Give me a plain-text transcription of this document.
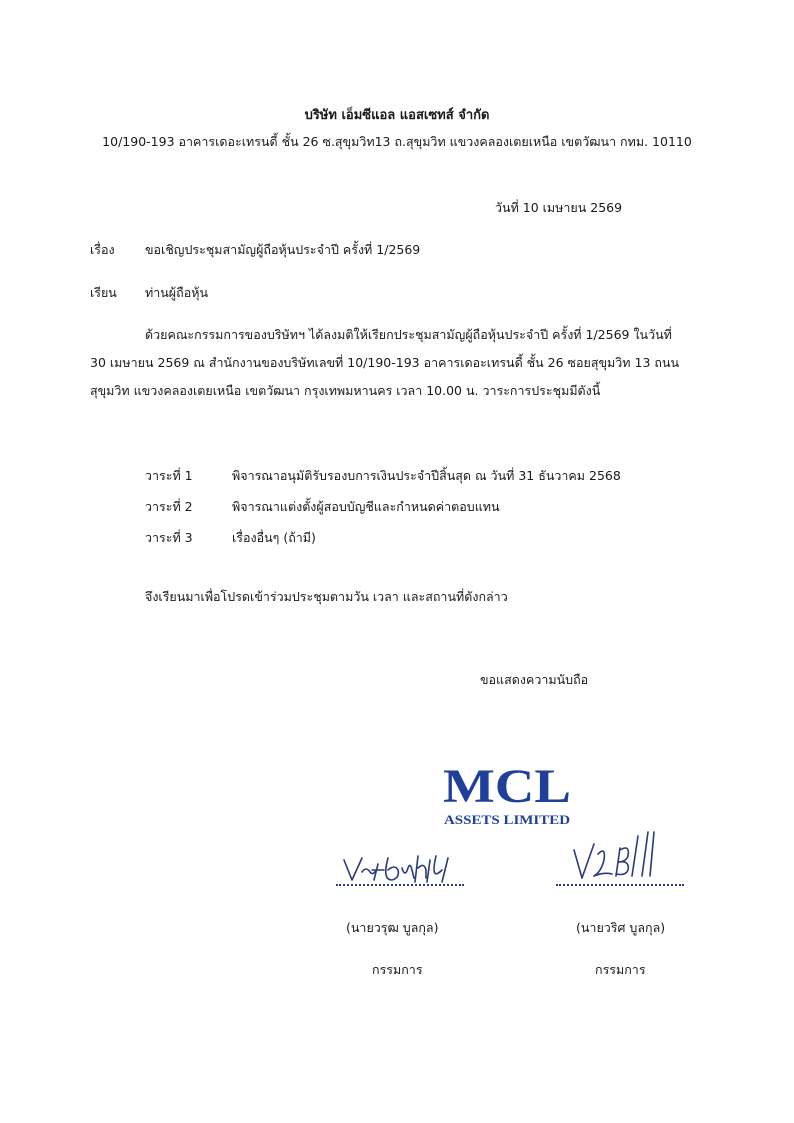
บริษัท เอ็มซีแอล แอสเซทส์ จำกัด
10/190-193 อาคารเดอะเทรนดี้ ชั้น 26 ซ.สุขุมวิท13 ถ.สุขุมวิท แขวงคลองเตยเหนือ เขตวัฒนา กทม. 10110
วันที่ 10 เมษายน 2569
เรื่อง ขอเชิญประชุมสามัญผู้ถือหุ้นประจำปี ครั้งที่ 1/2569
เรียน ท่านผู้ถือหุ้น
ด้วยคณะกรรมการของบริษัทฯ ได้ลงมติให้เรียกประชุมสามัญผู้ถือหุ้นประจำปี ครั้งที่ 1/2569 ในวันที่
30 เมษายน 2569 ณ สำนักงานของบริษัทเลขที่ 10/190-193 อาคารเดอะเทรนดี้ ชั้น 26 ซอยสุขุมวิท 13 ถนน
สุขุมวิท แขวงคลองเตยเหนือ เขตวัฒนา กรุงเทพมหานคร เวลา 10.00 น. วาระการประชุมมีดังนี้
วาระที่ 1	พิจารณาอนุมัติรับรองบการเงินประจำปีสิ้นสุด ณ วันที่ 31 ธันวาคม 2568
วาระที่ 2	พิจารณาแต่งตั้งผู้สอบบัญชีและกำหนดค่าตอบแทน
วาระที่ 3	เรื่องอื่นๆ (ถ้ามี)
จึงเรียนมาเพื่อโปรดเข้าร่วมประชุมตามวัน เวลา และสถานที่ดังกล่าว
ขอแสดงความนับถือ
MCL
ASSETS LIMITED
(นายวรุฒ บูลกุล)	(นายวริศ บูลกุล)
กรรมการ	กรรมการ
